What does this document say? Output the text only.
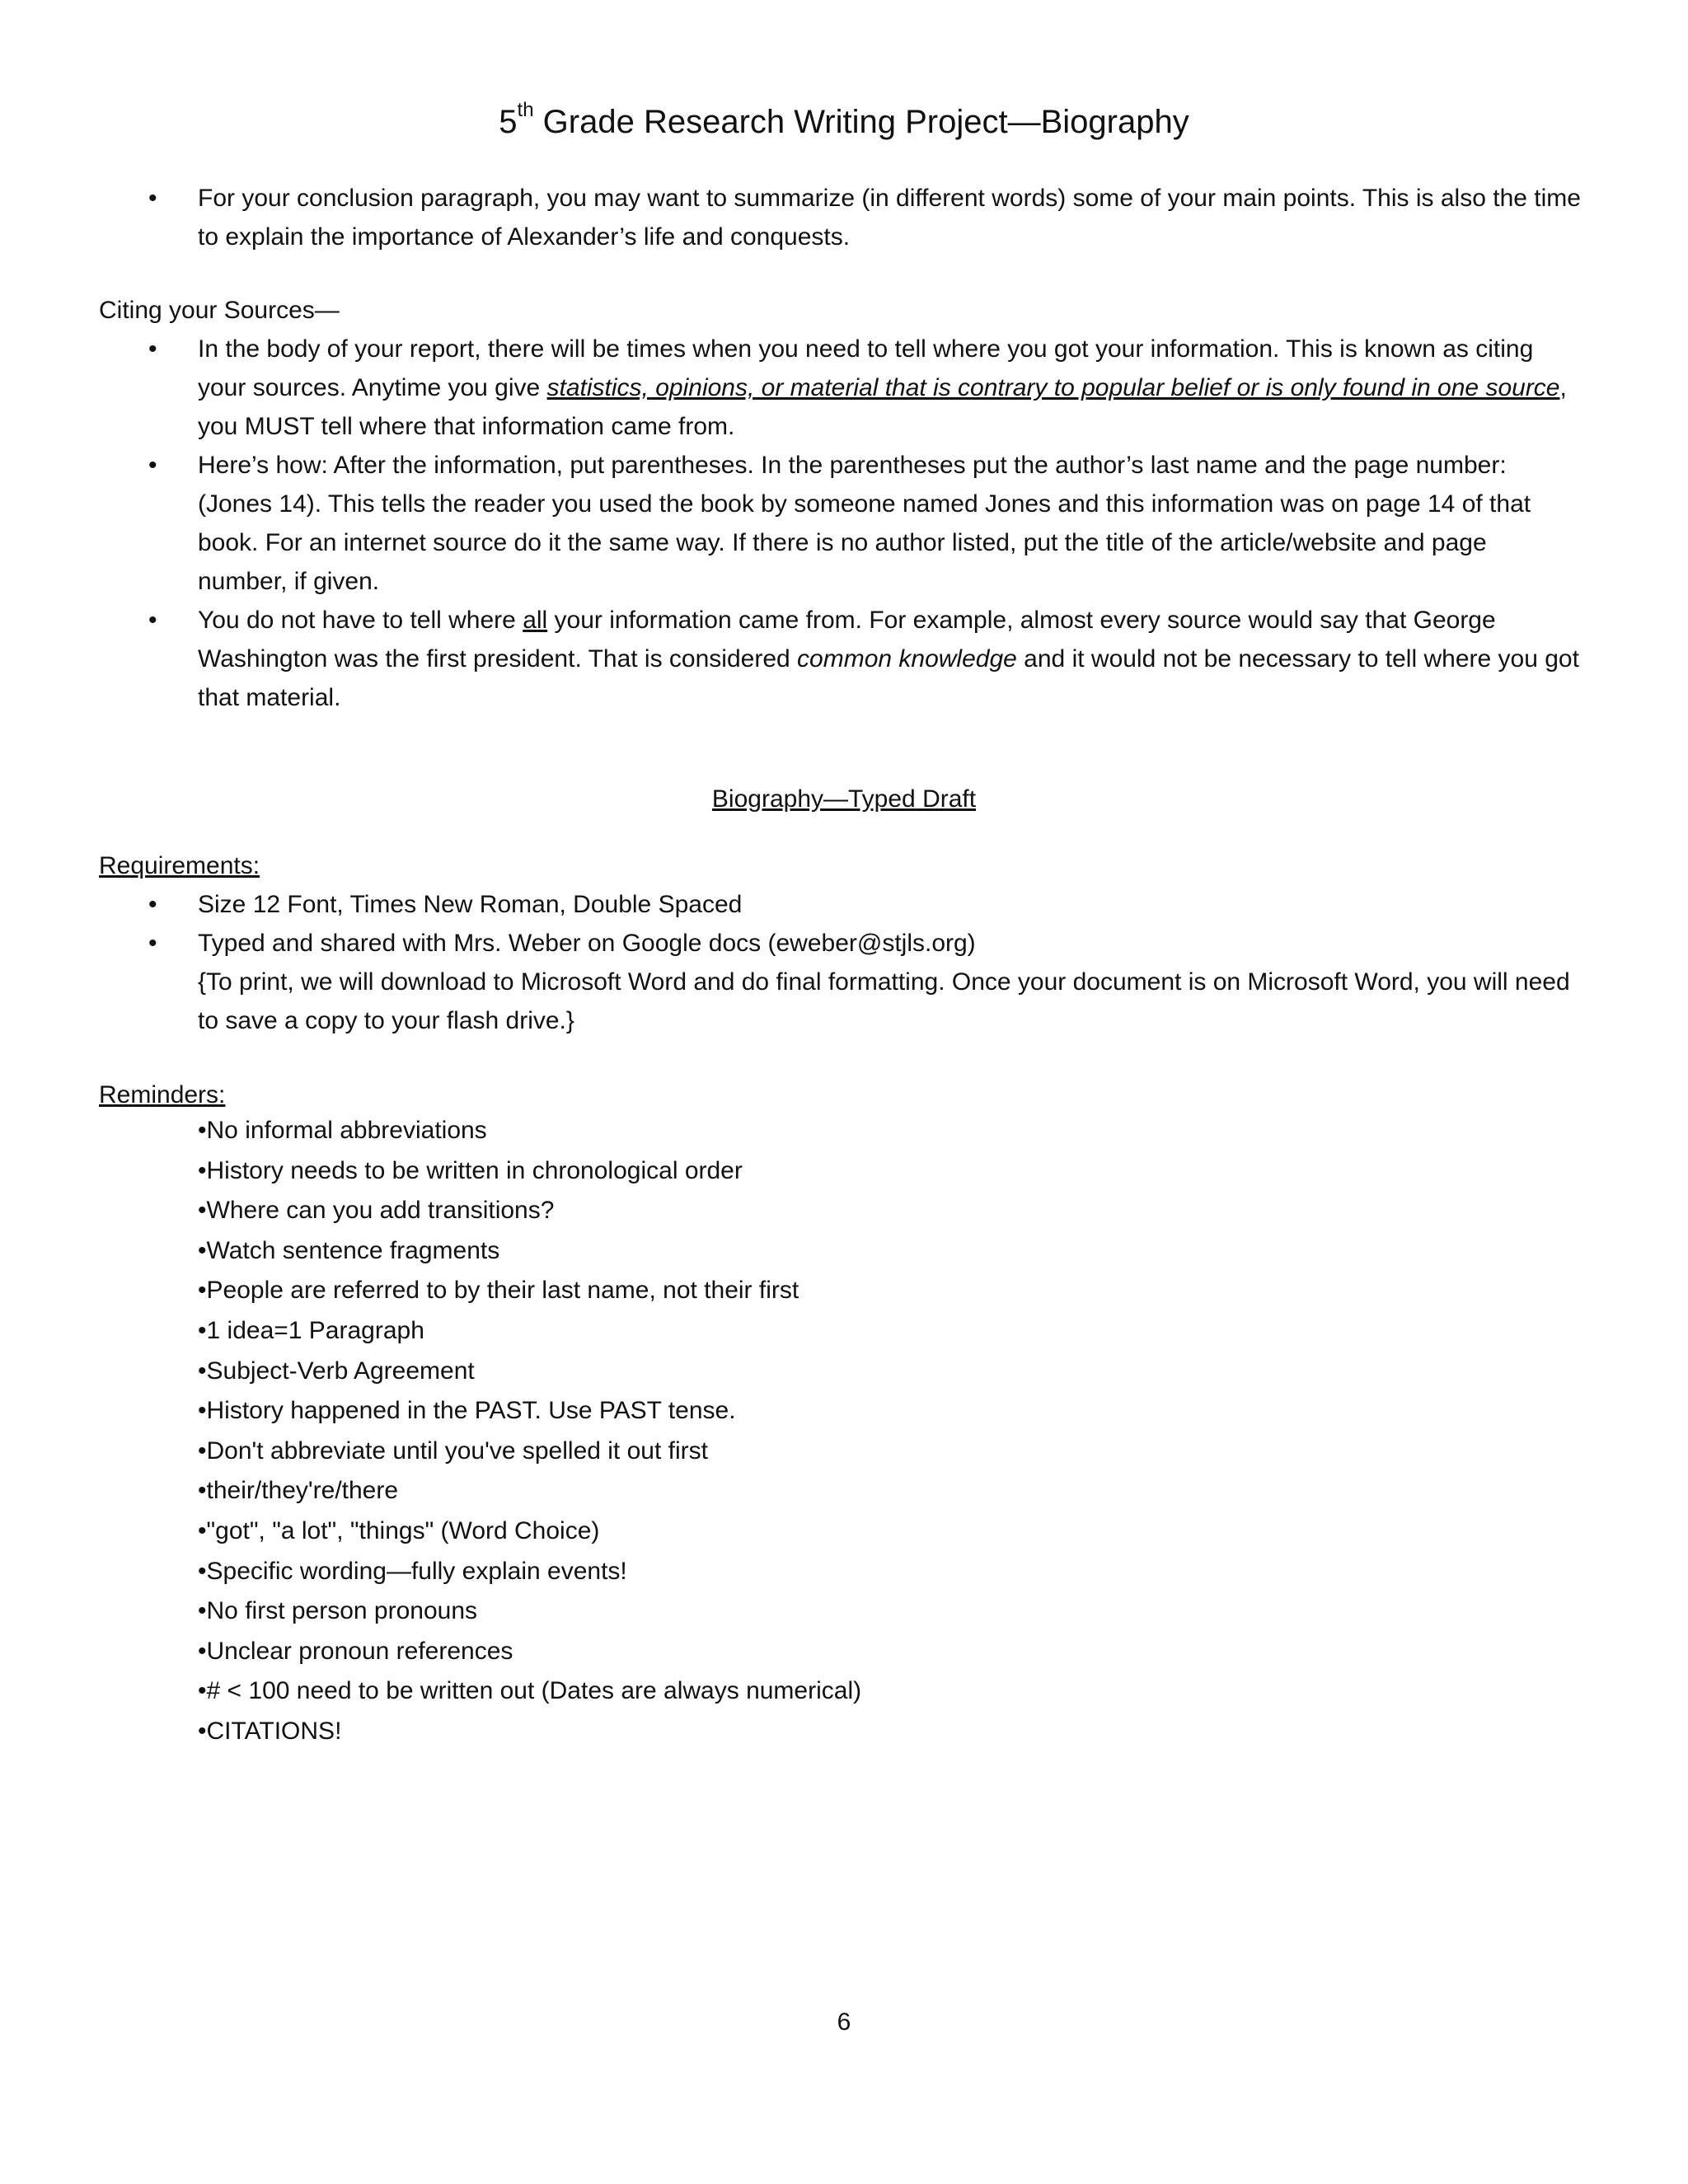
5th Grade Research Writing Project—Biography
•	For your conclusion paragraph, you may want to summarize (in different words) some of your main points. This is also the time to explain the importance of Alexander’s life and conquests.
Citing your Sources—
•	In the body of your report, there will be times when you need to tell where you got your information. This is known as citing your sources. Anytime you give statistics, opinions, or material that is contrary to popular belief or is only found in one source, you MUST tell where that information came from.
•	Here’s how: After the information, put parentheses. In the parentheses put the author’s last name and the page number: (Jones 14). This tells the reader you used the book by someone named Jones and this information was on page 14 of that book. For an internet source do it the same way. If there is no author listed, put the title of the article/website and page number, if given.
•	You do not have to tell where all your information came from. For example, almost every source would say that George Washington was the first president. That is considered common knowledge and it would not be necessary to tell where you got that material.
Biography—Typed Draft
Requirements:
•	Size 12 Font, Times New Roman, Double Spaced
•	Typed and shared with Mrs. Weber on Google docs (eweber@stjls.org)
{To print, we will download to Microsoft Word and do final formatting. Once your document is on Microsoft Word, you will need to save a copy to your flash drive.}
Reminders:
•No informal abbreviations
•History needs to be written in chronological order
•Where can you add transitions?
•Watch sentence fragments
•People are referred to by their last name, not their first
•1 idea=1 Paragraph
•Subject-Verb Agreement
•History happened in the PAST. Use PAST tense.
•Don't abbreviate until you've spelled it out first
•their/they're/there
•"got", "a lot", "things" (Word Choice)
•Specific wording—fully explain events!
•No first person pronouns
•Unclear pronoun references
•# < 100 need to be written out (Dates are always numerical)
•CITATIONS!
6
